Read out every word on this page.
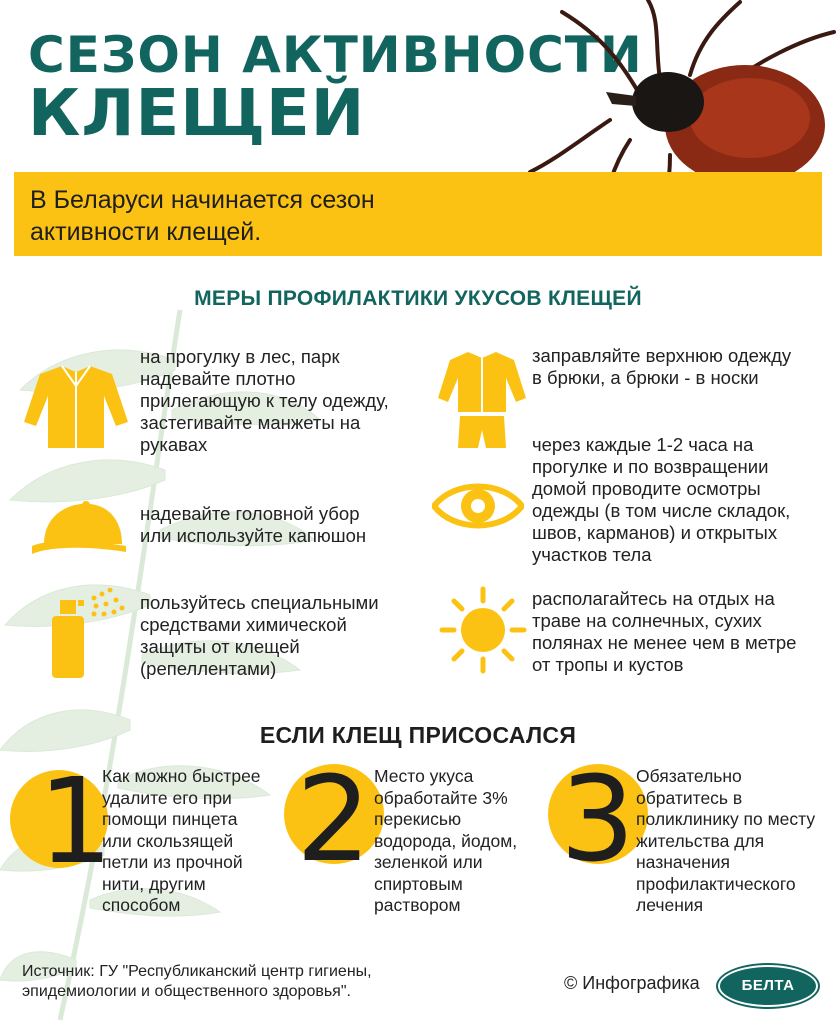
СЕЗОН АКТИВНОСТИ
КЛЕЩЕЙ
В Беларуси начинается сезон активности клещей.
МЕРЫ ПРОФИЛАКТИКИ УКУСОВ КЛЕЩЕЙ
на прогулку в лес, парк надевайте плотно прилегающую к телу одежду, застегивайте манжеты на рукавах
надевайте головной убор или используйте капюшон
пользуйтесь специальными средствами химической защиты от клещей (репеллентами)
заправляйте верхнюю одежду в брюки, а брюки - в носки
через каждые 1-2 часа на прогулке и по возвращении домой проводите осмотры одежды (в том числе складок, швов, карманов) и открытых участков тела
располагайтесь на отдых на траве на солнечных, сухих полянах не менее чем в метре от тропы и кустов
ЕСЛИ КЛЕЩ ПРИСОСАЛСЯ
1
Как можно быстрее удалите его при помощи пинцета или скользящей петли из прочной нити, другим способом
2 Место укуса обработайте 3% перекисью водорода, йодом, зеленкой или спиртовым раствором
3 Обязательно обратитесь в поликлинику по месту жительства для назначения профилактического лечения
Источник: ГУ "Республиканский центр гигиены, эпидемиологии и общественного здоровья".	© Инфографика	БЕЛТА
